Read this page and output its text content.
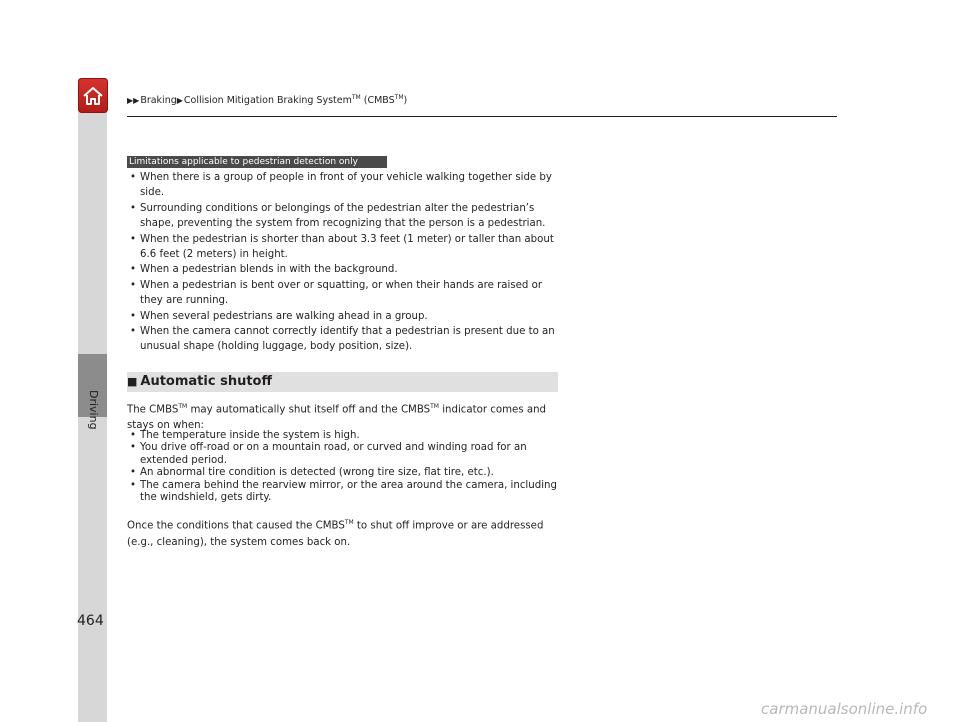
Driving
▶▶Braking▶Collision Mitigation Braking System™ (CMBS™)
Limitations applicable to pedestrian detection only
• When there is a group of people in front of your vehicle walking together side by side.
• Surrounding conditions or belongings of the pedestrian alter the pedestrian’s shape, preventing the system from recognizing that the person is a pedestrian.
• When the pedestrian is shorter than about 3.3 feet (1 meter) or taller than about 6.6 feet (2 meters) in height.
• When a pedestrian blends in with the background.
• When a pedestrian is bent over or squatting, or when their hands are raised or they are running.
• When several pedestrians are walking ahead in a group.
• When the camera cannot correctly identify that a pedestrian is present due to an unusual shape (holding luggage, body position, size).
■ Automatic shutoff
The CMBS™ may automatically shut itself off and the CMBS™ indicator comes and stays on when:
• The temperature inside the system is high.
• You drive off-road or on a mountain road, or curved and winding road for an extended period.
• An abnormal tire condition is detected (wrong tire size, flat tire, etc.).
• The camera behind the rearview mirror, or the area around the camera, including the windshield, gets dirty.
Once the conditions that caused the CMBS™ to shut off improve or are addressed (e.g., cleaning), the system comes back on.
464
carmanualsonline.info
